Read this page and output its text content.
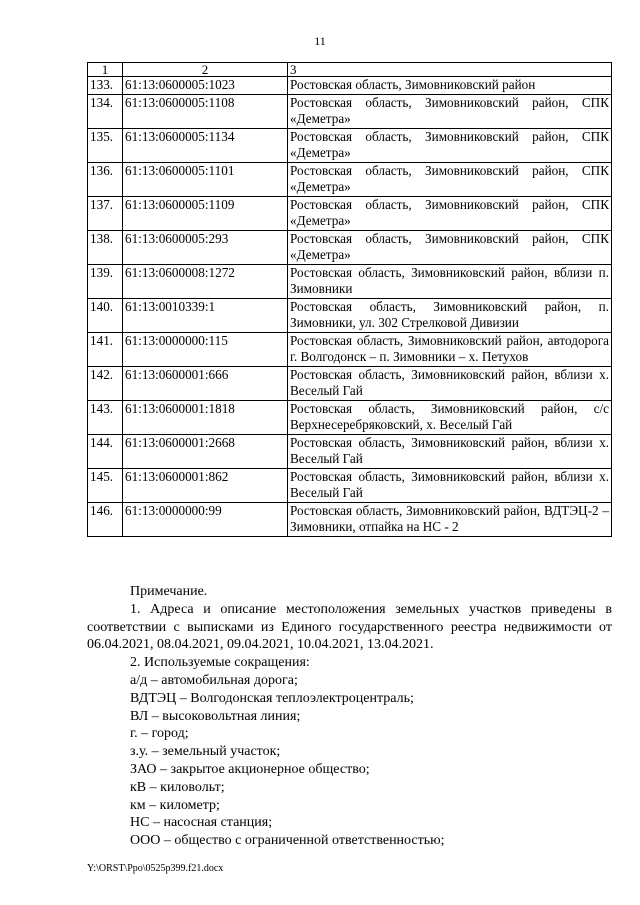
11
1	2	3
133.	61:13:0600005:1023	Ростовская область, Зимовниковский район
134.	61:13:0600005:1108	Ростовская область, Зимовниковский район, СПК «Деметра»
135.	61:13:0600005:1134	Ростовская область, Зимовниковский район, СПК «Деметра»
136.	61:13:0600005:1101	Ростовская область, Зимовниковский район, СПК «Деметра»
137.	61:13:0600005:1109	Ростовская область, Зимовниковский район, СПК «Деметра»
138.	61:13:0600005:293	Ростовская область, Зимовниковский район, СПК «Деметра»
139.	61:13:0600008:1272	Ростовская область, Зимовниковский район, вблизи п. Зимовники
140.	61:13:0010339:1	Ростовская область, Зимовниковский район, п. Зимовники, ул. 302 Стрелковой Дивизии
141.	61:13:0000000:115	Ростовская область, Зимовниковский район, автодорога г. Волгодонск – п. Зимовники – х. Петухов
142.	61:13:0600001:666	Ростовская область, Зимовниковский район, вблизи х. Веселый Гай
143.	61:13:0600001:1818	Ростовская область, Зимовниковский район, с/с Верхнесеребряковский, х. Веселый Гай
144.	61:13:0600001:2668	Ростовская область, Зимовниковский район, вблизи х. Веселый Гай
145.	61:13:0600001:862	Ростовская область, Зимовниковский район, вблизи х. Веселый Гай
146.	61:13:0000000:99	Ростовская область, Зимовниковский район, ВДТЭЦ-2 – Зимовники, отпайка на НС - 2

Примечание.

1. Адреса и описание местоположения земельных участков приведены в соответствии с выписками из Единого государственного реестра недвижимости от 06.04.2021, 08.04.2021, 09.04.2021, 10.04.2021, 13.04.2021.

2. Используемые сокращения:

а/д – автомобильная дорога;

ВДТЭЦ – Волгодонская теплоэлектроцентраль;

ВЛ – высоковольтная линия;

г. – город;

з.у. – земельный участок;

ЗАО – закрытое акционерное общество;

кВ – киловольт;

км – километр;

НС – насосная станция;

ООО – общество с ограниченной ответственностью;

Y:\ORST\Ppo\0525p399.f21.docx
